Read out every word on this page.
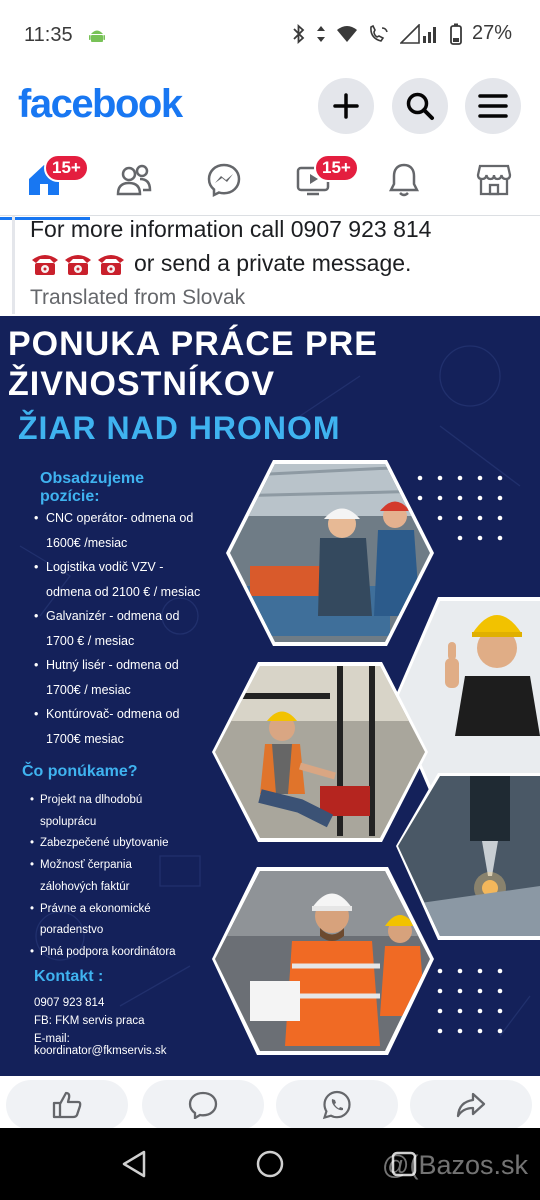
11:35	27%
facebook
15+	15+
For more information call 0907 923 814
or send a private message.
Translated from Slovak
PONUKA PRÁCE PRE
ŽIVNOSTNÍKOV
ŽIAR NAD HRONOM
Obsadzujeme
pozície:
• CNC operátor- odmena od
1600€ /mesiac
• Logistika vodič VZV -
odmena od 2100 € / mesiac
• Galvanizér - odmena od
1700 € / mesiac
• Hutný lisér - odmena od
1700€ / mesiac
• Kontúrovač- odmena od
1700€ mesiac
Čo ponúkame?
• Projekt na dlhodobú
spoluprácu
• Zabezpečené ubytovanie
• Možnosť čerpania
zálohových faktúr
• Právne a ekonomické
poradenstvo
• Plná podpora koordinátora
Kontakt :
0907 923 814
FB: FKM servis praca
E-mail:
koordinator@fkmservis.sk
@(Bazos.sk
